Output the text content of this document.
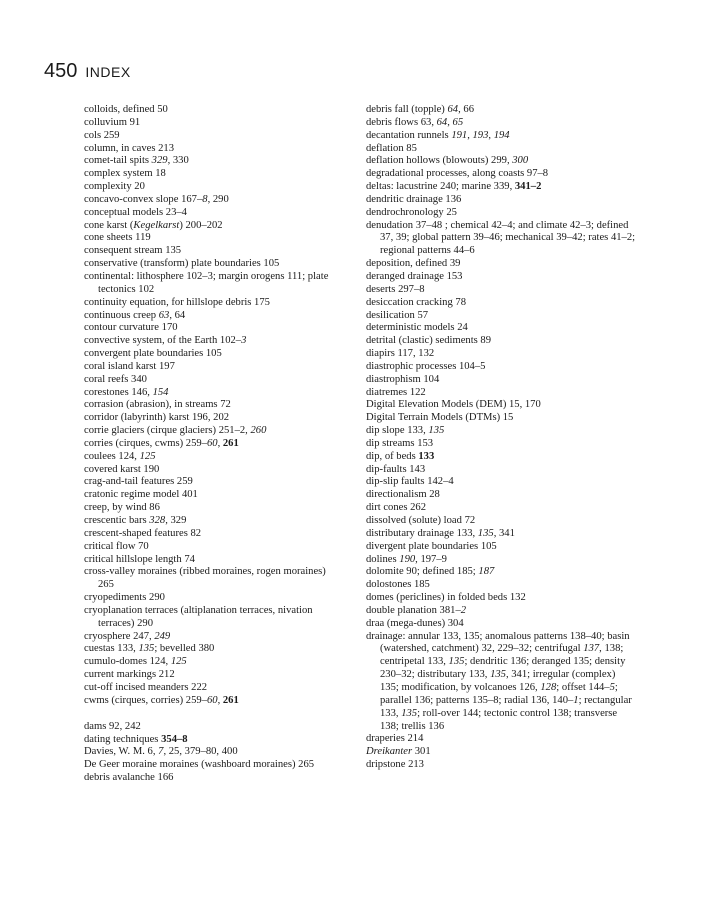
450 INDEX
colloids, defined 50
colluvium 91
cols 259
column, in caves 213
comet-tail spits 329, 330
complex system 18
complexity 20
concavo-convex slope 167–8, 290
conceptual models 23–4
cone karst (Kegelkarst) 200–202
cone sheets 119
consequent stream 135
conservative (transform) plate boundaries 105
continental: lithosphere 102–3; margin orogens 111; plate tectonics 102
continuity equation, for hillslope debris 175
continuous creep 63, 64
contour curvature 170
convective system, of the Earth 102–3
convergent plate boundaries 105
coral island karst 197
coral reefs 340
corestones 146, 154
corrasion (abrasion), in streams 72
corridor (labyrinth) karst 196, 202
corrie glaciers (cirque glaciers) 251–2, 260
corries (cirques, cwms) 259–60, 261
coulees 124, 125
covered karst 190
crag-and-tail features 259
cratonic regime model 401
creep, by wind 86
crescentic bars 328, 329
crescent-shaped features 82
critical flow 70
critical hillslope length 74
cross-valley moraines (ribbed moraines, rogen moraines) 265
cryopediments 290
cryoplanation terraces (altiplanation terraces, nivation terraces) 290
cryosphere 247, 249
cuestas 133, 135; bevelled 380
cumulo-domes 124, 125
current markings 212
cut-off incised meanders 222
cwms (cirques, corries) 259–60, 261
dams 92, 242
dating techniques 354–8
Davies, W. M. 6, 7, 25, 379–80, 400
De Geer moraine moraines (washboard moraines) 265
debris avalanche 166
debris fall (topple) 64, 66
debris flows 63, 64, 65
decantation runnels 191, 193, 194
deflation 85
deflation hollows (blowouts) 299, 300
degradational processes, along coasts 97–8
deltas: lacustrine 240; marine 339, 341–2
dendritic drainage 136
dendrochronology 25
denudation 37–48 ; chemical 42–4; and climate 42–3; defined 37, 39; global pattern 39–46; mechanical 39–42; rates 41–2; regional patterns 44–6
deposition, defined 39
deranged drainage 153
deserts 297–8
desiccation cracking 78
desilication 57
deterministic models 24
detrital (clastic) sediments 89
diapirs 117, 132
diastrophic processes 104–5
diastrophism 104
diatremes 122
Digital Elevation Models (DEM) 15, 170
Digital Terrain Models (DTMs) 15
dip slope 133, 135
dip streams 153
dip, of beds 133
dip-faults 143
dip-slip faults 142–4
directionalism 28
dirt cones 262
dissolved (solute) load 72
distributary drainage 133, 135, 341
divergent plate boundaries 105
dolines 190, 197–9
dolomite 90; defined 185; 187
dolostones 185
domes (periclines) in folded beds 132
double planation 381–2
draa (mega-dunes) 304
drainage: annular 133, 135; anomalous patterns 138–40; basin (watershed, catchment) 32, 229–32; centrifugal 137, 138; centripetal 133, 135; dendritic 136; deranged 135; density 230–32; distributary 133, 135, 341; irregular (complex) 135; modification, by volcanoes 126, 128; offset 144–5; parallel 136; patterns 135–8; radial 136, 140–1; rectangular 133, 135; roll-over 144; tectonic control 138; transverse 138; trellis 136
draperies 214
Dreikanter 301
dripstone 213
